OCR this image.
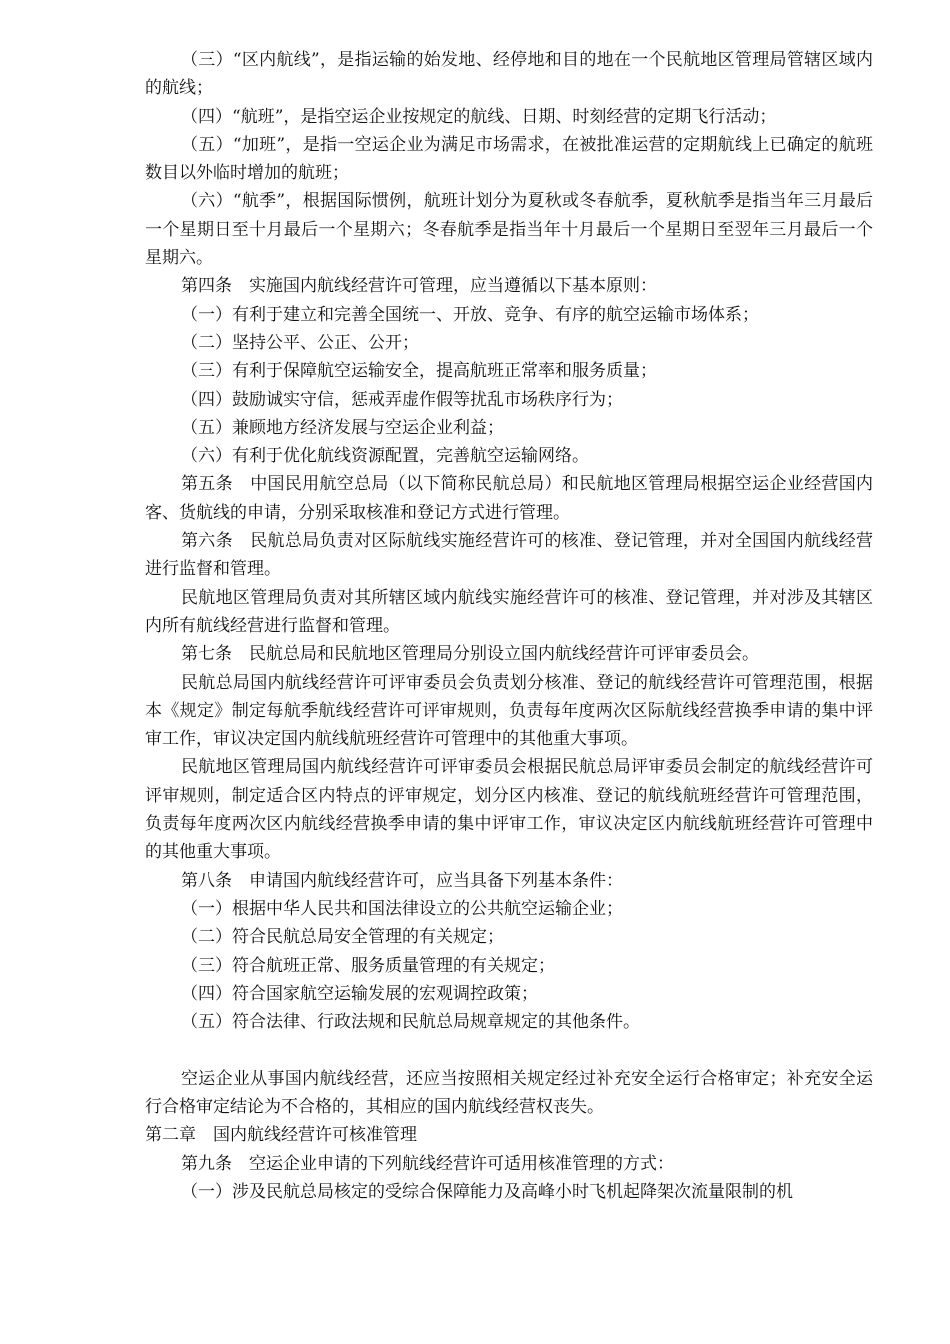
（三）“区内航线”，是指运输的始发地、经停地和目的地在一个民航地区管理局管辖区域内的航线；

（四）“航班”，是指空运企业按规定的航线、日期、时刻经营的定期飞行活动；

（五）“加班”，是指一空运企业为满足市场需求，在被批准运营的定期航线上已确定的航班数目以外临时增加的航班；

（六）“航季”，根据国际惯例，航班计划分为夏秋或冬春航季，夏秋航季是指当年三月最后一个星期日至十月最后一个星期六；冬春航季是指当年十月最后一个星期日至翌年三月最后一个星期六。

第四条　实施国内航线经营许可管理，应当遵循以下基本原则：

（一）有利于建立和完善全国统一、开放、竞争、有序的航空运输市场体系；

（二）坚持公平、公正、公开；

（三）有利于保障航空运输安全，提高航班正常率和服务质量；

（四）鼓励诚实守信，惩戒弄虚作假等扰乱市场秩序行为；

（五）兼顾地方经济发展与空运企业利益；

（六）有利于优化航线资源配置，完善航空运输网络。

第五条　中国民用航空总局（以下简称民航总局）和民航地区管理局根据空运企业经营国内客、货航线的申请，分别采取核准和登记方式进行管理。

第六条　民航总局负责对区际航线实施经营许可的核准、登记管理，并对全国国内航线经营进行监督和管理。

民航地区管理局负责对其所辖区域内航线实施经营许可的核准、登记管理，并对涉及其辖区内所有航线经营进行监督和管理。

第七条　民航总局和民航地区管理局分别设立国内航线经营许可评审委员会。

民航总局国内航线经营许可评审委员会负责划分核准、登记的航线经营许可管理范围，根据本《规定》制定每航季航线经营许可评审规则，负责每年度两次区际航线经营换季申请的集中评审工作，审议决定国内航线航班经营许可管理中的其他重大事项。

民航地区管理局国内航线经营许可评审委员会根据民航总局评审委员会制定的航线经营许可评审规则，制定适合区内特点的评审规定，划分区内核准、登记的航线航班经营许可管理范围，负责每年度两次区内航线经营换季申请的集中评审工作，审议决定区内航线航班经营许可管理中的其他重大事项。

第八条　申请国内航线经营许可，应当具备下列基本条件：

（一）根据中华人民共和国法律设立的公共航空运输企业；

（二）符合民航总局安全管理的有关规定；

（三）符合航班正常、服务质量管理的有关规定；

（四）符合国家航空运输发展的宏观调控政策；

（五）符合法律、行政法规和民航总局规章规定的其他条件。

空运企业从事国内航线经营，还应当按照相关规定经过补充安全运行合格审定；补充安全运行合格审定结论为不合格的，其相应的国内航线经营权丧失。

第二章　国内航线经营许可核准管理

第九条　空运企业申请的下列航线经营许可适用核准管理的方式：

（一）涉及民航总局核定的受综合保障能力及高峰小时飞机起降架次流量限制的机
